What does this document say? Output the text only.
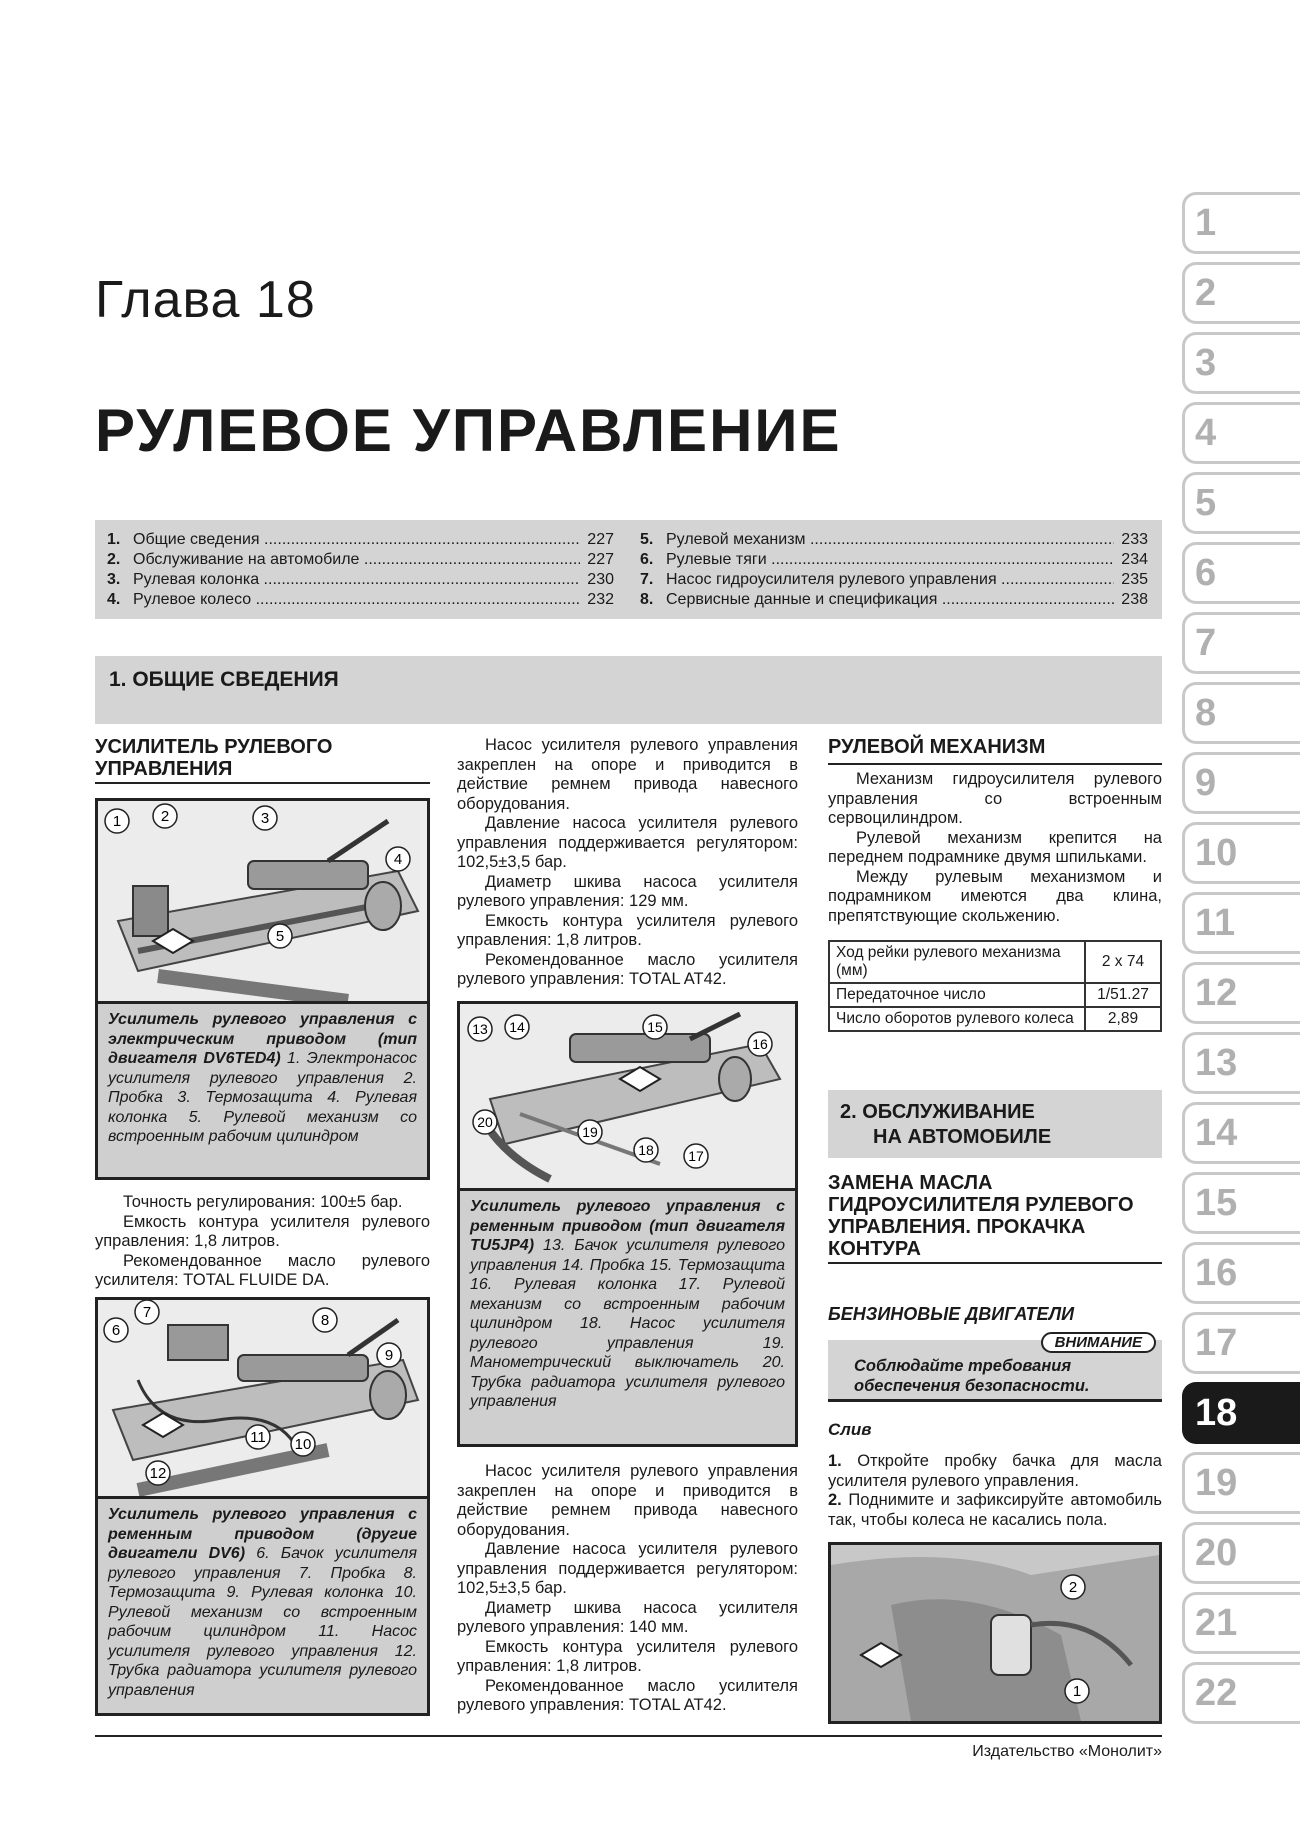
Глава 18
РУЛЕВОЕ УПРАВЛЕНИЕ
1. Общие сведения .....	227
2. Обслуживание на автомобиле .....	227
3. Рулевая колонка .....	230
4. Рулевое колесо .....	232
5. Рулевой механизм .....	233
6. Рулевые тяги .....	234
7. Насос гидроусилителя рулевого управления .....	235
8. Сервисные данные и спецификация .....	238
1. ОБЩИЕ СВЕДЕНИЯ
УСИЛИТЕЛЬ РУЛЕВОГО УПРАВЛЕНИЯ
1	2	3
4
5
Усилитель рулевого управления с электрическим приводом (тип двигателя DV6TED4) 1. Электронасос усилителя рулевого управления 2. Пробка 3. Термозащита 4. Рулевая колонка 5. Рулевой механизм со встроенным рабочим цилиндром

Точность регулирования: 100±5 бар.

Емкость контура усилителя рулевого управления: 1,8 литров.

Рекомендованное масло рулевого усилителя: TOTAL FLUIDE DA.

6
7	8
9
10
11
12
Усилитель рулевого управления с ременным приводом (другие двигатели DV6) 6. Бачок усилителя рулевого управления 7. Пробка 8. Термозащита 9. Рулевая колонка 10. Рулевой механизм со встроенным рабочим цилиндром 11. Насос усилителя рулевого управления 12. Трубка радиатора усилителя рулевого управления

Насос усилителя рулевого управления закреплен на опоре и приводится в действие ремнем привода навесного оборудования.

Давление насоса усилителя рулевого управления поддерживается регулятором: 102,5±3,5 бар.

Диаметр шкива насоса усилителя рулевого управления: 129 мм.

Емкость контура усилителя рулевого управления: 1,8 литров.

Рекомендованное масло усилителя рулевого управления: TOTAL AT42.

13 14	15
16
17
18
19
20
Усилитель рулевого управления с ременным приводом (тип двигателя TU5JP4) 13. Бачок усилителя рулевого управления 14. Пробка 15. Термозащита 16. Рулевая колонка 17. Рулевой механизм со встроенным рабочим цилиндром 18. Насос усилителя рулевого управления 19. Манометрический выключатель 20. Трубка радиатора усилителя рулевого управления

Насос усилителя рулевого управления закреплен на опоре и приводится в действие ремнем привода навесного оборудования.

Давление насоса усилителя рулевого управления поддерживается регулятором: 102,5±3,5 бар.

Диаметр шкива насоса усилителя рулевого управления: 140 мм.

Емкость контура усилителя рулевого управления: 1,8 литров.

Рекомендованное масло усилителя рулевого управления: TOTAL AT42.

РУЛЕВОЙ МЕХАНИЗМ

Механизм гидроусилителя рулевого управления со встроенным сервоцилиндром.

Рулевой механизм крепится на переднем подрамнике двумя шпильками.

Между рулевым механизмом и подрамником имеются два клина, препятствующие скольжению.

Ход рейки рулевого механизма (мм)	2 x 74
Передаточное число	1/51.27
Число оборотов рулевого колеса	2,89
2. ОБСЛУЖИВАНИЕ
НА АВТОМОБИЛЕ
ЗАМЕНА МАСЛА ГИДРОУСИЛИТЕЛЯ РУЛЕВОГО УПРАВЛЕНИЯ. ПРОКАЧКА КОНТУРА
БЕНЗИНОВЫЕ ДВИГАТЕЛИ
ВНИМАНИЕ
Соблюдайте требования обеспечения безопасности.
Слив

1. Откройте пробку бачка для масла усилителя рулевого управления.

2. Поднимите и зафиксируйте автомобиль так, чтобы колеса не касались пола.

1
2
Издательство «Монолит»
1
2
3
4
5
6
7
8
9
10
11
12
13
14
15
16
17
18
19
20
21
22
